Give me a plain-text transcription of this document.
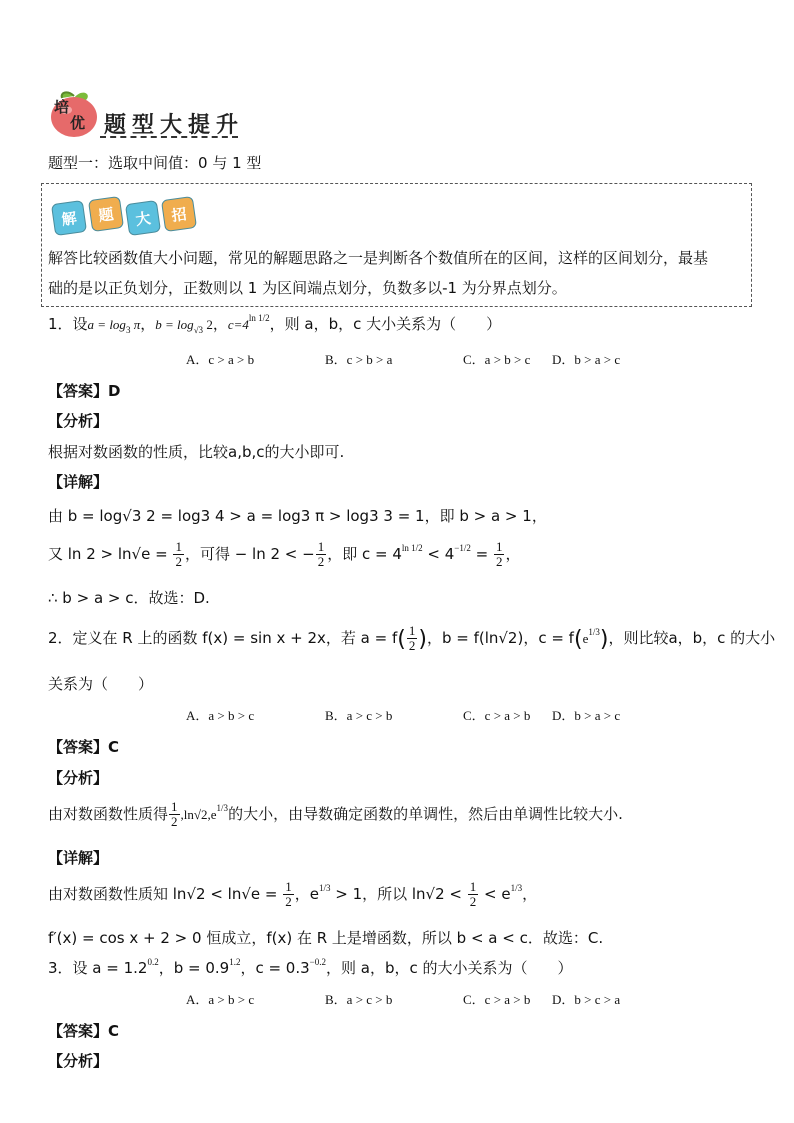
培
优 题型大提升
题型一：选取中间值：0 与 1 型
解	题	大	招
解答比较函数值大小问题，常见的解题思路之一是判断各个数值所在的区间，这样的区间划分，最基
础的是以正负划分，正数则以 1 为区间端点划分，负数多以-1 为分界点划分。
1．设$a = \log_3 \pi$，$b = \log_{√3} 2$，$c=4^{ln 1/2}$，则 a，b，c 大小关系为（　　）
A．c > a > b	B．c > b > a	C．a > b > c D．b > a > c
【答案】D
【分析】
根据对数函数的性质，比较a,b,c的大小即可.
【详解】
由 b = log√3 2 = log3 4 > a = log3 π > log3 3 = 1，即 b > a > 1，
又 $\ln 2 > \ln√e = \frac{1}{2}$ ，可得 − ln 2 < − $\frac{1}{2}$ ，即 $c = 4^{ln 1/2} < 4^{-1/2} = \frac{1}{2}$ ，
∴ b > a > c．故选：D.
2．定义在 R 上的函数 f(x) = sin x + 2x，若 $a = f( \frac{1}{2}$ )，b = f(ln√2)，$c = f(e^{1/3})$，则比较a，b，c 的大小
关系为（　　）
A．a > b > c	B．a > c > b	C．c > a > b D．b > a > c
【答案】C
【分析】
由对数函数性质得 $\frac{1}{2} ,\ln√2,e^{1/3}$的大小，由导数确定函数的单调性，然后由单调性比较大小.
【详解】
由对数函数性质知 $\ln√2 < \ln√e = \frac{1}{2}$ ，$e^{1/3} > 1$，所以 $\ln√2 < \frac{1}{2} < e^{1/3}$，
f′(x) = cos x + 2 > 0 恒成立，f(x) 在 R 上是增函数，所以 b < a < c．故选：C.
3．设 $a = 1.2^{0.2}$，$b = 0.9^{1.2}$，$c = 0.3^{-0.2}$，则 a，b，c 的大小关系为（　　）
A．a > b > c	B．a > c > b	C．c > a > b D．b > c > a
【答案】C
【分析】
